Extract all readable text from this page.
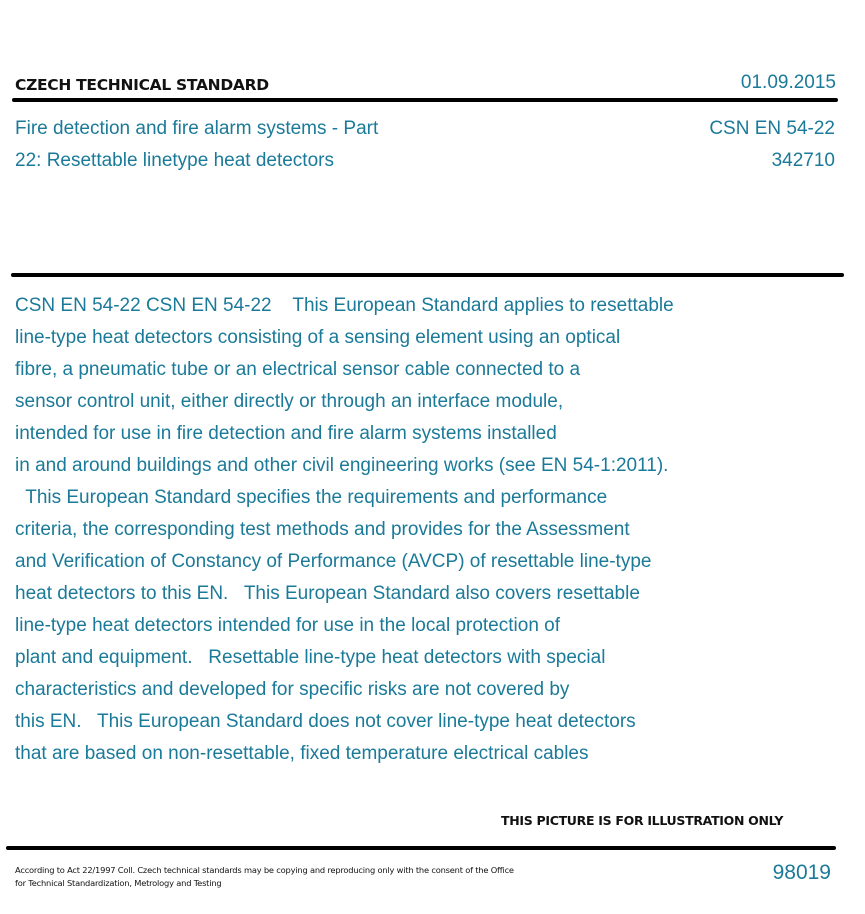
CZECH TECHNICAL STANDARD	01.09.2015
Fire detection and fire alarm systems - Part
22: Resettable linetype heat detectors
CSN EN 54-22
342710
CSN EN 54-22 CSN EN 54-22    This European Standard applies to resettable
line-type heat detectors consisting of a sensing element using an optical
fibre, a pneumatic tube or an electrical sensor cable connected to a
sensor control unit, either directly or through an interface module,
intended for use in fire detection and fire alarm systems installed
in and around buildings and other civil engineering works (see EN 54-1:2011).
This European Standard specifies the requirements and performance
criteria, the corresponding test methods and provides for the Assessment
and Verification of Constancy of Performance (AVCP) of resettable line-type
heat detectors to this EN.   This European Standard also covers resettable
line-type heat detectors intended for use in the local protection of
plant and equipment.   Resettable line-type heat detectors with special
characteristics and developed for specific risks are not covered by
this EN.   This European Standard does not cover line-type heat detectors
that are based on non-resettable, fixed temperature electrical cables
THIS PICTURE IS FOR ILLUSTRATION ONLY
According to Act 22/1997 Coll. Czech technical standards may be copying and reproducing only with the consent of the Office
for Technical Standardization, Metrology and Testing	98019
